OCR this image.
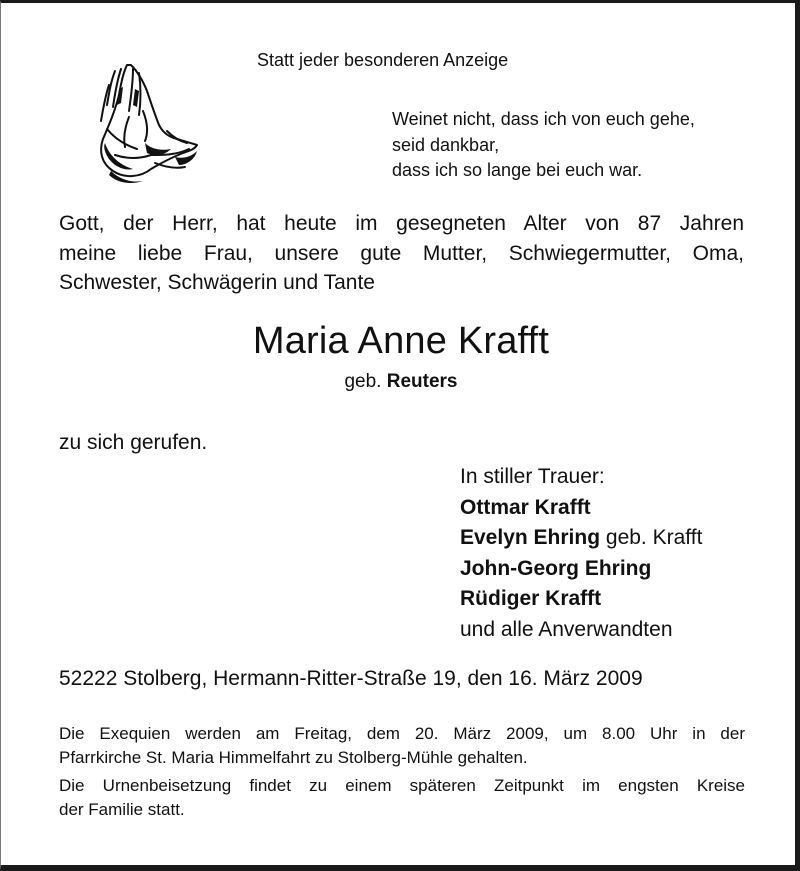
Statt jeder besonderen Anzeige
Weinet nicht, dass ich von euch gehe,
seid dankbar,
dass ich so lange bei euch war.
Gott, der Herr, hat heute im gesegneten Alter von 87 Jahren
meine liebe Frau, unsere gute Mutter, Schwiegermutter, Oma,
Schwester, Schwägerin und Tante
Maria Anne Krafft
geb. Reuters
zu sich gerufen.
In stiller Trauer:
Ottmar Krafft
Evelyn Ehring geb. Krafft
John-Georg Ehring
Rüdiger Krafft
und alle Anverwandten
52222 Stolberg, Hermann-Ritter-Straße 19, den 16. März 2009
Die Exequien werden am Freitag, dem 20. März 2009, um 8.00 Uhr in der
Pfarrkirche St. Maria Himmelfahrt zu Stolberg-Mühle gehalten.
Die Urnenbeisetzung findet zu einem späteren Zeitpunkt im engsten Kreise
der Familie statt.
